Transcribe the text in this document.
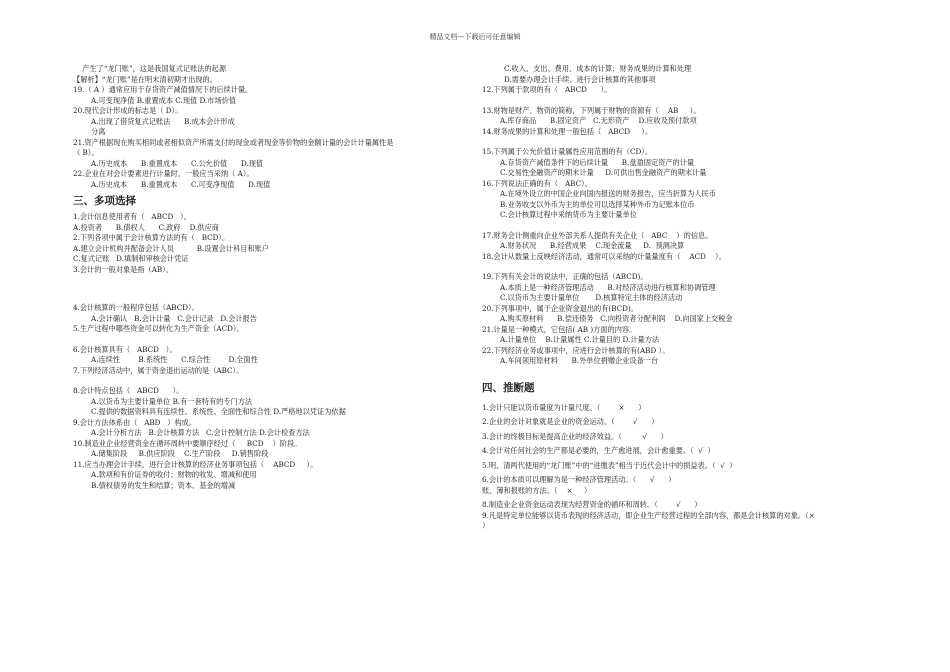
精品文档---下载后可任意编辑
产生了“龙门账”，这是我国复式记账法的起源
【解析】“龙门账”是在明末清初期才出现的。
19.（ A ）通常应用于存货资产减值情况下的后续计量。
A.可变现净值 B.重置成本 C.现值 D.市场价值
20.现代会计形成的标志是（ D）。
A.出现了借贷复式记账法      B.成本会计形成
分离
21.资产根据现在购买相同或者相似资产所需支付的现金或者现金等价物的金额计量的会计计量属性是
（ B）。
A.历史成本      B.重置成本      C.公允价值      D.现值
22.企业在对会计要素进行计量时，一般应当采纳（ A）。
A.历史成本      B.重置成本      C.可变净现值      D.现值
三、多项选择
1.会计信息使用者有（   ABCD   ）。
A.投资者      B.债权人      C.政府    D.供应商
2.下列各项中属于会计核算方法的有（   BCD）。
A.建立会计机构并配备会计人员          B.设置会计科目和账户
C.复式记账   D.填制和审核会计凭证
3.会计的一般对象是指（AB）。
4.会计核算的一般程序包括（ABCD）。
A.会计确认   B.会计计量   C.会计记录   D.会计报告
5.生产过程中哪些资金可以转化为生产资金（ACD）。
6.会计核算具有（   ABCD   ）。
A.连续性        B.系统性      C.综合性        D.全面性
7.下列经济活动中，属于资金退出运动的是（ABC）。
8.会计特点包括（   ABCD      ）。
A.以货币为主要计量单位 B.有一套特有的专门方法
C.提供的数据资料具有连续性、系统性、全面性和综合性 D.严格地以凭证为依据
9.会计方法体系由（   ABD   ）构成。
A.会计分析方法   B.会计核算方法   C.会计控制方法 D.会计检查方法
10.制造业企业经营资金在循环周转中要顺序经过（     BCD    ）阶段。
A.储集阶段     B.供应阶段    C.生产阶段     D.销售阶段
11.应当办理会计手续，进行会计核算的经济业务事项包括（    ABCD     ）。
A.款项和有价证券的收付；财物的收发、增减和使用
B.债权债务的发生和结算；资本、基金的增减
C.收入、支出、费用、成本的计算；财务成果的计算和处理
D.需要办理会计手续、进行会计核算的其他事项
12.下列属于款项的有（   ABCD      ）。
13.财物是财产、物资的简称，下列属于财物的资源有（    AB     ）。
A.库存商品      B.固定资产   C.无形资产    D.应收及预付款项
14.财务成果的计算和处理一般包括（   ABCD     ）。
15.下列属于公允价值计量属性应用范围的有（CD）。
A.存货资产减值条件下的后续计量      B.盘盈固定资产的计量
C.交易性金融资产的期末计量     D.可供出售金融资产的期末计量
16.下列说法正确的有（   ABC）。
A.在境外设立的中国企业向国内报送的财务报告，应当折算为人民币
B.业务收支以外币为主的单位可以选择某种外币为记账本位币
C.会计核算过程中采纳货币为主要计量单位
17.财务会计侧重向企业外部关系人提供有关企业（   ABC    ）的信息。
A.财务状况      B.经营成果    C.现金流量     D.  预测决算
18.会计从数量上反映经济活动，通常可以采纳的计量量度有（    ACD    ）。
19.下列有关会计的说法中，正确的包括（ABCD)。
A.本质上是一种经济管理活动      B.对经济活动进行核算和协调管理
C.以货币为主要计量单位       D.核算特定主体的经济活动
20.下列事项中，属于企业资金退出的有(BCD)。
A.购买原材料      B.偿还债务   C.向投资者分配利润    D.向国家上交税金
21.计量是一种模式，它包括( AB )方面的内容。
A.计量单位    B.计量属性 C.计量目的 D.计量方法
22.下列经济业务或事项中，应进行会计核算的有(ABD ）。
A.车间领用原材料      B.外单位捐赠企业设备一台
四、推断题
1.会计只能以货币量度为计量尺度。（        ×      ）
2.企业的会计对象就是企业的资金运动。（        √      ）
3.会计的终极目标是提高企业的经济效益。（         √      ）
4.会计对任何社会的生产都是必要的，生产愈进展，会计愈重要。（  √  ）
5.明、清两代使用的“龙门账”中的“进缴表”相当于近代会计中的损益表。（  √  ）
6.会计的本质可以理解为是一种经济管理活动。（      √      ）
账、簿和报账的方法。（    ×     ）
8.制造业企业资金运动表现为经营资金的循环和周转。（        √      ）
9.凡是特定单位能够以货币表现的经济活动，即企业生产经营过程的全部内容，都是会计核算的对象。（×
）
